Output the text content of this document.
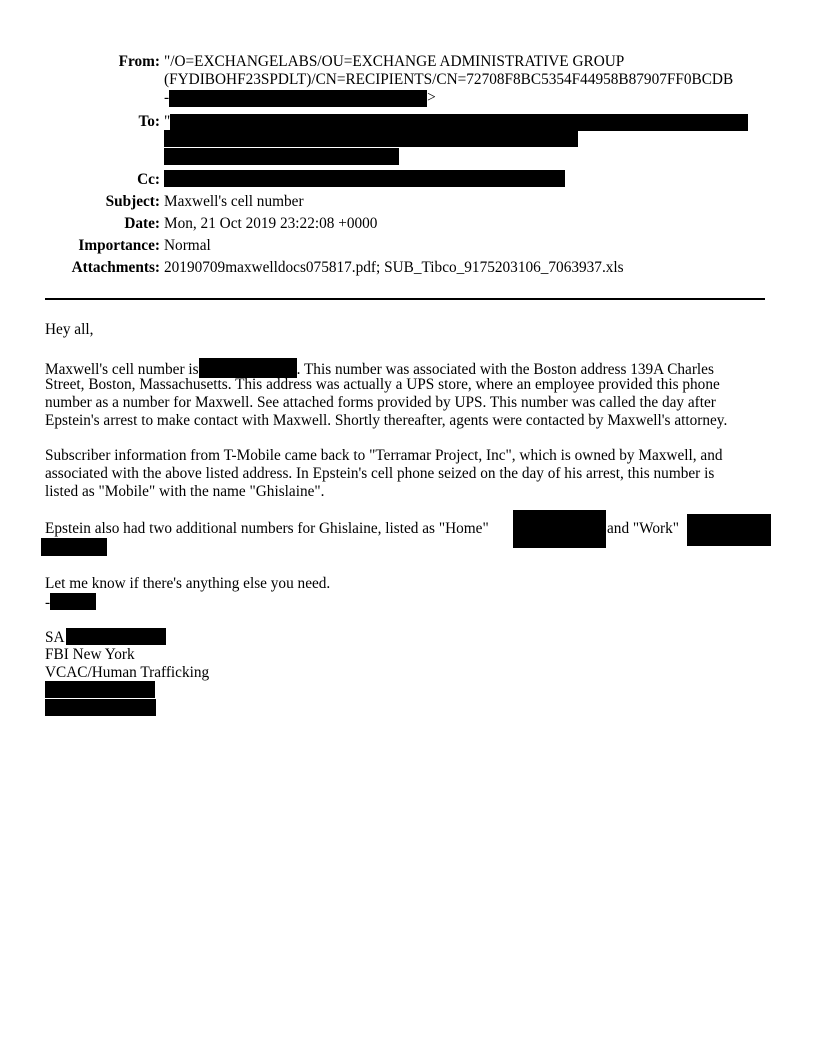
From: "/O=EXCHANGELABS/OU=EXCHANGE ADMINISTRATIVE GROUP
(FYDIBOHF23SPDLT)/CN=RECIPIENTS/CN=72708F8BC5354F44958B87907FF0BCDB
-	>
To: "
Cc:
Subject: Maxwell's cell number
Date: Mon, 21 Oct 2019 23:22:08 +0000
Importance: Normal
Attachments: 20190709maxwelldocs075817.pdf; SUB_Tibco_9175203106_7063937.xls
Hey all,
Maxwell's cell number is	. This number was associated with the Boston address 139A Charles
Street, Boston, Massachusetts. This address was actually a UPS store, where an employee provided this phone
number as a number for Maxwell. See attached forms provided by UPS. This number was called the day after
Epstein's arrest to make contact with Maxwell. Shortly thereafter, agents were contacted by Maxwell's attorney.
Subscriber information from T-Mobile came back to "Terramar Project, Inc", which is owned by Maxwell, and
associated with the above listed address. In Epstein's cell phone seized on the day of his arrest, this number is
listed as "Mobile" with the name "Ghislaine".
Epstein also had two additional numbers for Ghislaine, listed as "Home"	and "Work"
Let me know if there's anything else you need.
-
SA
FBI New York
VCAC/Human Trafficking
